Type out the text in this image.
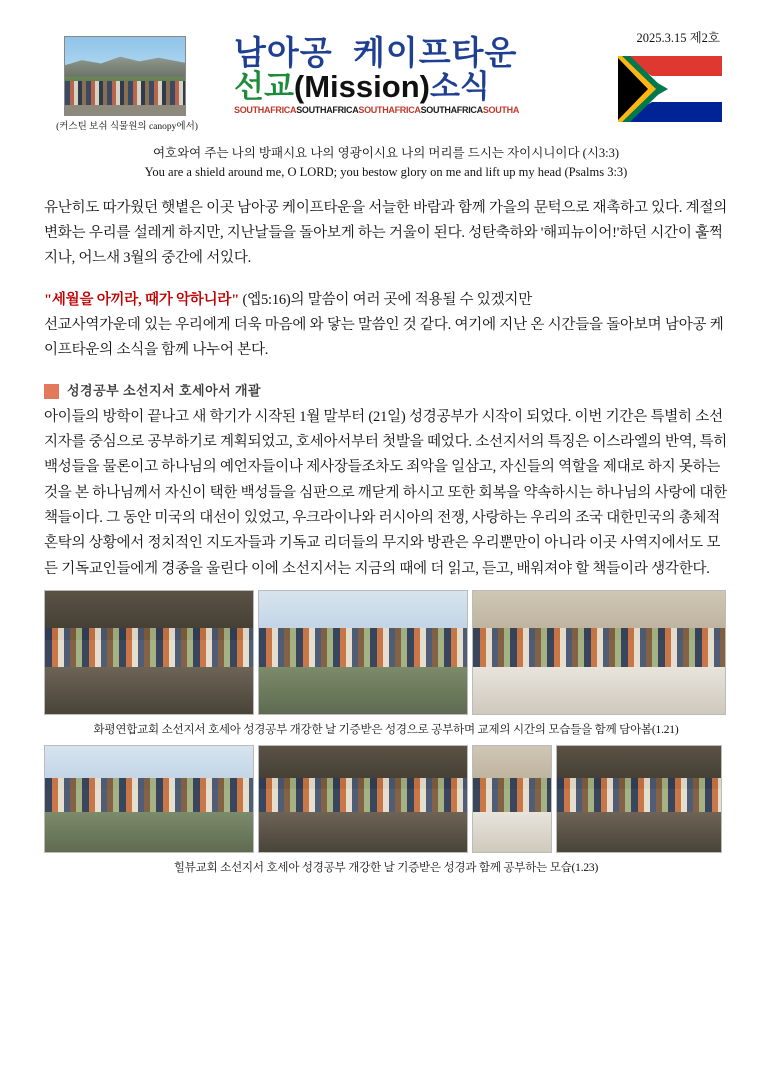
(커스틴 보쉬 식물원의 canopy에서)
남아공 케이프타운
선교(Mission)소식
SOUTHAFRICASOUTHAFRICASOUTHAFRICASOUTHAFRICASOUTHA
2025.3.15 제2호
여호와여 주는 나의 방패시요 나의 영광이시요 나의 머리를 드시는 자이시니이다 (시3:3)
You are a shield around me, O LORD; you bestow glory on me and lift up my head (Psalms 3:3)

유난히도 따가웠던 햇볕은 이곳 남아공 케이프타운을 서늘한 바람과 함께 가을의 문턱으로 재촉하고 있다. 계절의 변화는 우리를 설레게 하지만, 지난날들을 돌아보게 하는 거울이 된다. 성탄축하와 '해피뉴이어!'하던 시간이 훌쩍 지나, 어느새 3월의 중간에 서있다.

"세월을 아끼라, 때가 악하니라" (엡5:16)의 말씀이 여러 곳에 적용될 수 있겠지만
선교사역가운데 있는 우리에게 더욱 마음에 와 닿는 말씀인 것 같다. 여기에 지난 온 시간들을 돌아보며 남아공 케이프타운의 소식을 함께 나누어 본다.

성경공부 소선지서 호세아서 개괄

아이들의 방학이 끝나고 새 학기가 시작된 1월 말부터 (21일) 성경공부가 시작이 되었다. 이번 기간은 특별히 소선지자를 중심으로 공부하기로 계획되었고, 호세아서부터 첫발을 떼었다. 소선지서의 특징은 이스라엘의 반역, 특히 백성들을 물론이고 하나님의 예언자들이나 제사장들조차도 죄악을 일삼고, 자신들의 역할을 제대로 하지 못하는 것을 본 하나님께서 자신이 택한 백성들을 심판으로 깨닫게 하시고 또한 회복을 약속하시는 하나님의 사랑에 대한 책들이다. 그 동안 미국의 대선이 있었고, 우크라이나와 러시아의 전쟁, 사랑하는 우리의 조국 대한민국의 총체적 혼탁의 상황에서 정치적인 지도자들과 기독교 리더들의 무지와 방관은 우리뿐만이 아니라 이곳 사역지에서도 모든 기독교인들에게 경종을 울린다 이에 소선지서는 지금의 때에 더 읽고, 듣고, 배워져야 할 책들이라 생각한다.

화평연합교회 소선지서 호세아 성경공부 개강한 날 기증받은 성경으로 공부하며 교제의 시간의 모습들을 함께 담아봄(1.21)
힐뷰교회 소선지서 호세아 성경공부 개강한 날 기증받은 성경과 함께 공부하는 모습(1.23)
